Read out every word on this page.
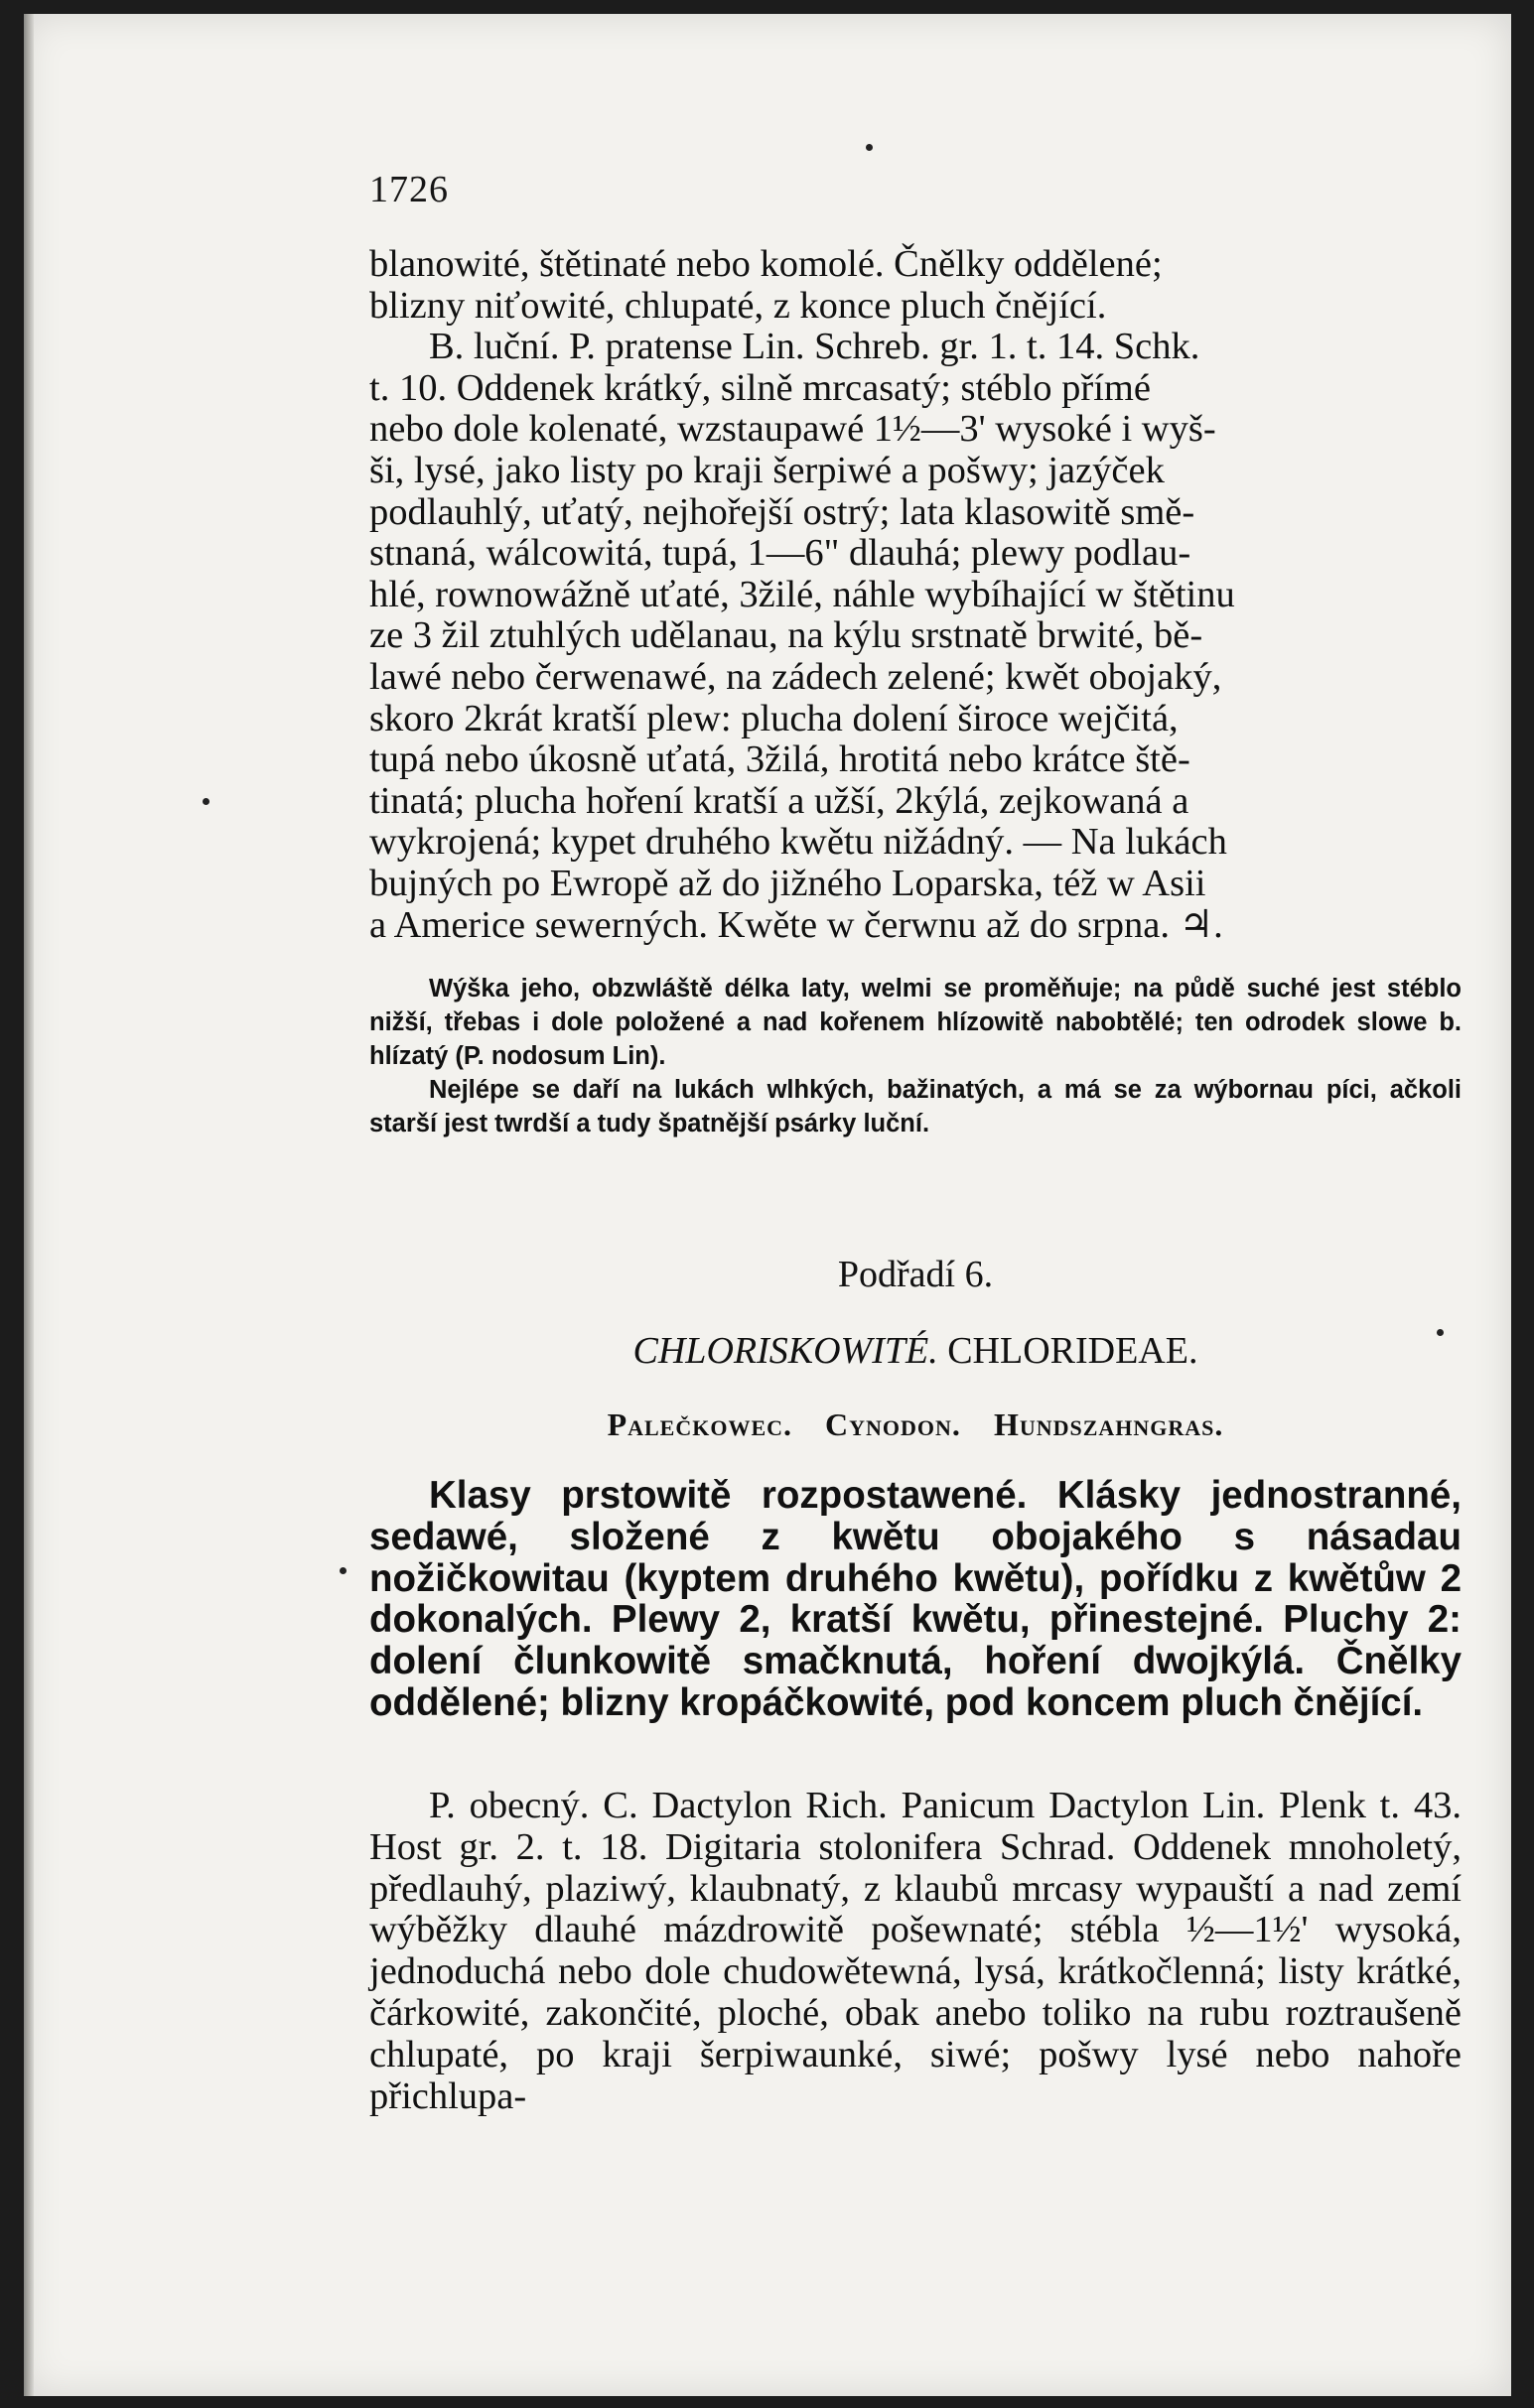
1726

blanowité, štětinaté nebo komolé. Čnělky oddělené;

blizny niťowité, chlupaté, z konce pluch čnějící.

B. luční. P. pratense Lin. Schreb. gr. 1. t. 14. Schk.

t. 10. Oddenek krátký, silně mrcasatý; stéblo přímé

nebo dole kolenaté, wzstaupawé 1½—3' wysoké i wyš-

ši, lysé, jako listy po kraji šerpiwé a pošwy; jazýček

podlauhlý, uťatý, nejhořejší ostrý; lata klasowitě smě-

stnaná, wálcowitá, tupá, 1—6" dlauhá; plewy podlau-

hlé, rownowážně uťaté, 3žilé, náhle wybíhající w štětinu

ze 3 žil ztuhlých udělanau, na kýlu srstnatě brwité, bě-

lawé nebo čerwenawé, na zádech zelené; kwět obojaký,

skoro 2krát kratší plew: plucha dolení široce wejčitá,

tupá nebo úkosně uťatá, 3žilá, hrotitá nebo krátce ště-

tinatá; plucha hoření kratší a užší, 2kýlá, zejkowaná a

wykrojená; kypet druhého kwětu nižádný. — Na lukách

bujných po Ewropě až do jižného Loparska, též w Asii

a Americe sewerných. Kwěte w čerwnu až do srpna. ♃.

Wýška jeho, obzwláště délka laty, welmi se proměňuje; na půdě suché jest stéblo nižší, třebas i dole položené a nad kořenem hlízowitě nabobtělé; ten odrodek slowe b. hlízatý (P. nodosum Lin).

Nejlépe se daří na lukách wlhkých, bažinatých, a má se za wýbornau píci, ačkoli starší jest twrdší a tudy špatnější psárky luční.

Podřadí 6.
CHLORISKOWITÉ. CHLORIDEAE.
Palečkowec. Cynodon. Hundszahngras.

Klasy prstowitě rozpostawené. Klásky jednostranné, sedawé, složené z kwětu obojakého s násadau nožičkowitau (kyptem druhého kwětu), pořídku z kwětůw 2 dokonalých. Plewy 2, kratší kwětu, přinestejné. Pluchy 2: dolení člunkowitě smačknutá, hoření dwojkýlá. Čnělky oddělené; blizny kropáčkowité, pod koncem pluch čnějící.

P. obecný. C. Dactylon Rich. Panicum Dactylon Lin. Plenk t. 43. Host gr. 2. t. 18. Digitaria stolonifera Schrad. Oddenek mnoholetý, předlauhý, plaziwý, klaubnatý, z klaubů mrcasy wypauští a nad zemí wýběžky dlauhé mázdrowitě pošewnaté; stébla ½—1½' wysoká, jednoduchá nebo dole chudowětewná, lysá, krátkočlenná; listy krátké, čárkowité, zakončité, ploché, obak anebo toliko na rubu roztraušeně chlupaté, po kraji šerpiwaunké, siwé; pošwy lysé nebo nahoře přichlupa-
